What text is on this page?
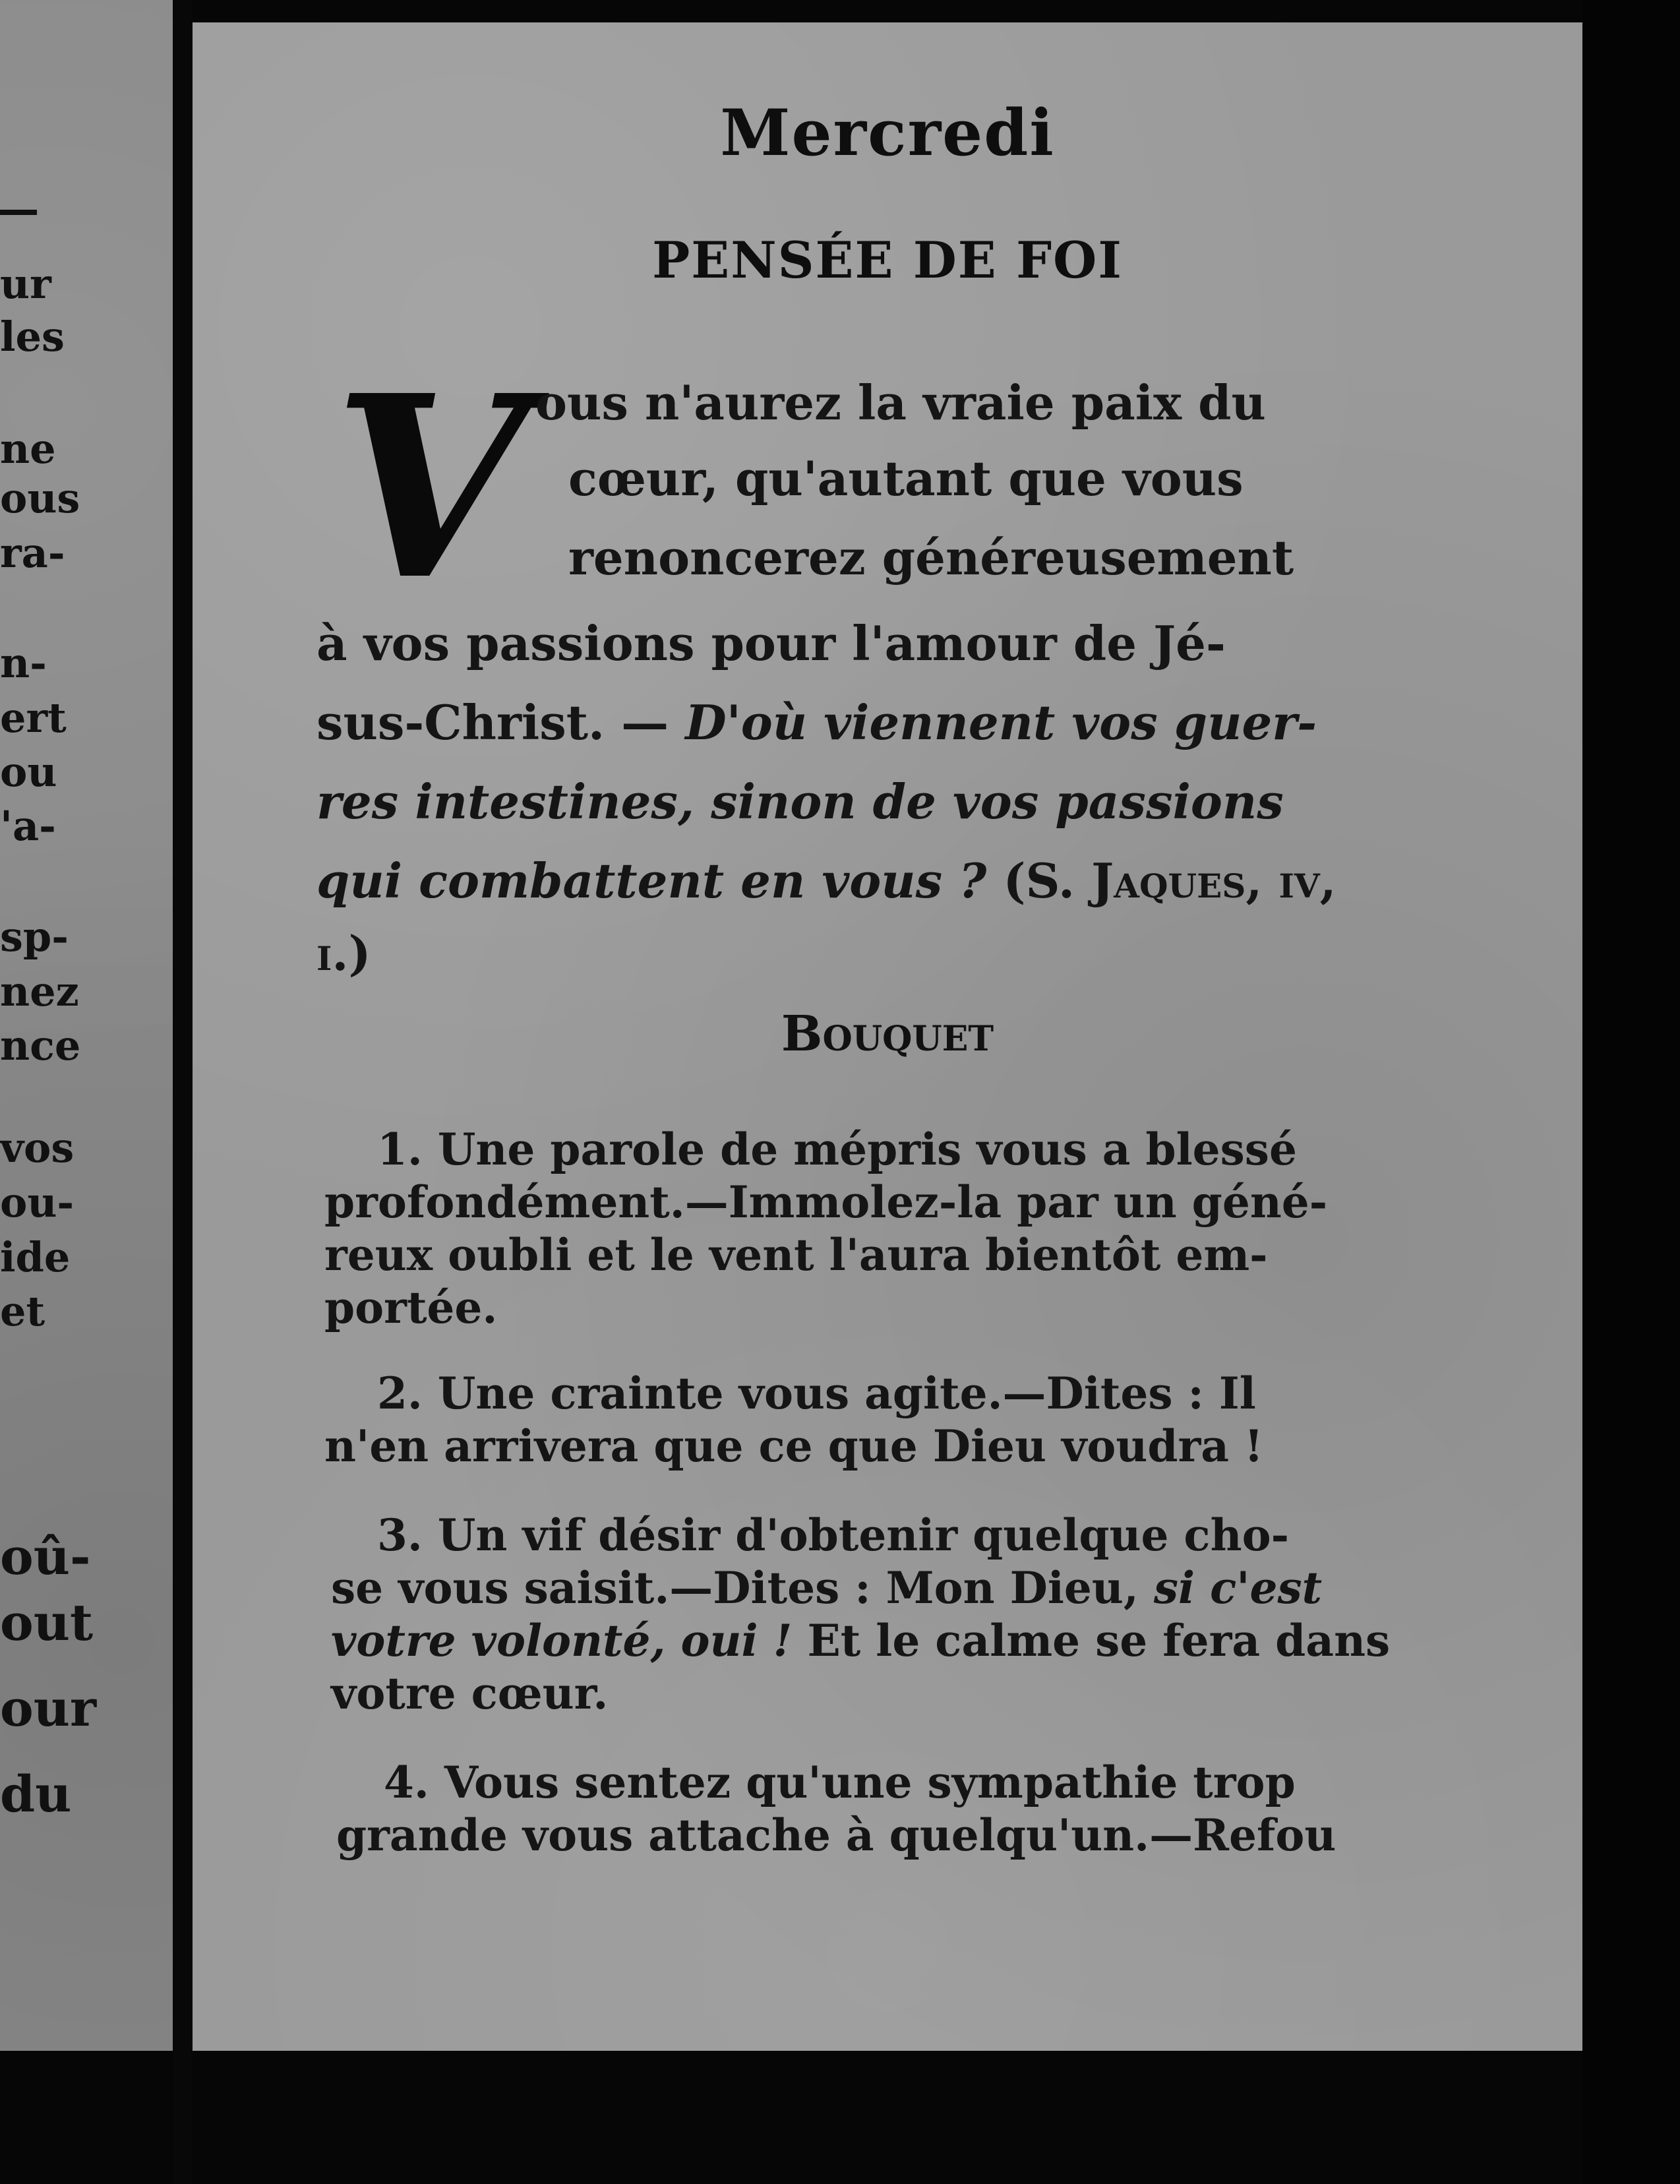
ur
les
ne
ous
ra-
n-
ert
ou
'a-
sp-
nez
nce
vos
ou-
ide
et
oû-
out
our
du
Mercredi
PENSÉE DE FOI
V ous n'aurez la vraie paix du
cœur, qu'autant que vous
renoncerez généreusement
à vos passions pour l'amour de Jé-
sus-Christ. — D'où viennent vos guer-
res intestines, sinon de vos passions
qui combattent en vous ? (S. Jaques, iv,
i.)
Bouquet
1. Une parole de mépris vous a blessé
profondément.—Immolez-la par un géné-
reux oubli et le vent l'aura bientôt em-
portée.
2. Une crainte vous agite.—Dites : Il
n'en arrivera que ce que Dieu voudra !
3. Un vif désir d'obtenir quelque cho-
se vous saisit.—Dites : Mon Dieu, si c'est
votre volonté, oui ! Et le calme se fera dans
votre cœur.
4. Vous sentez qu'une sympathie trop
grande vous attache à quelqu'un.—Refou
